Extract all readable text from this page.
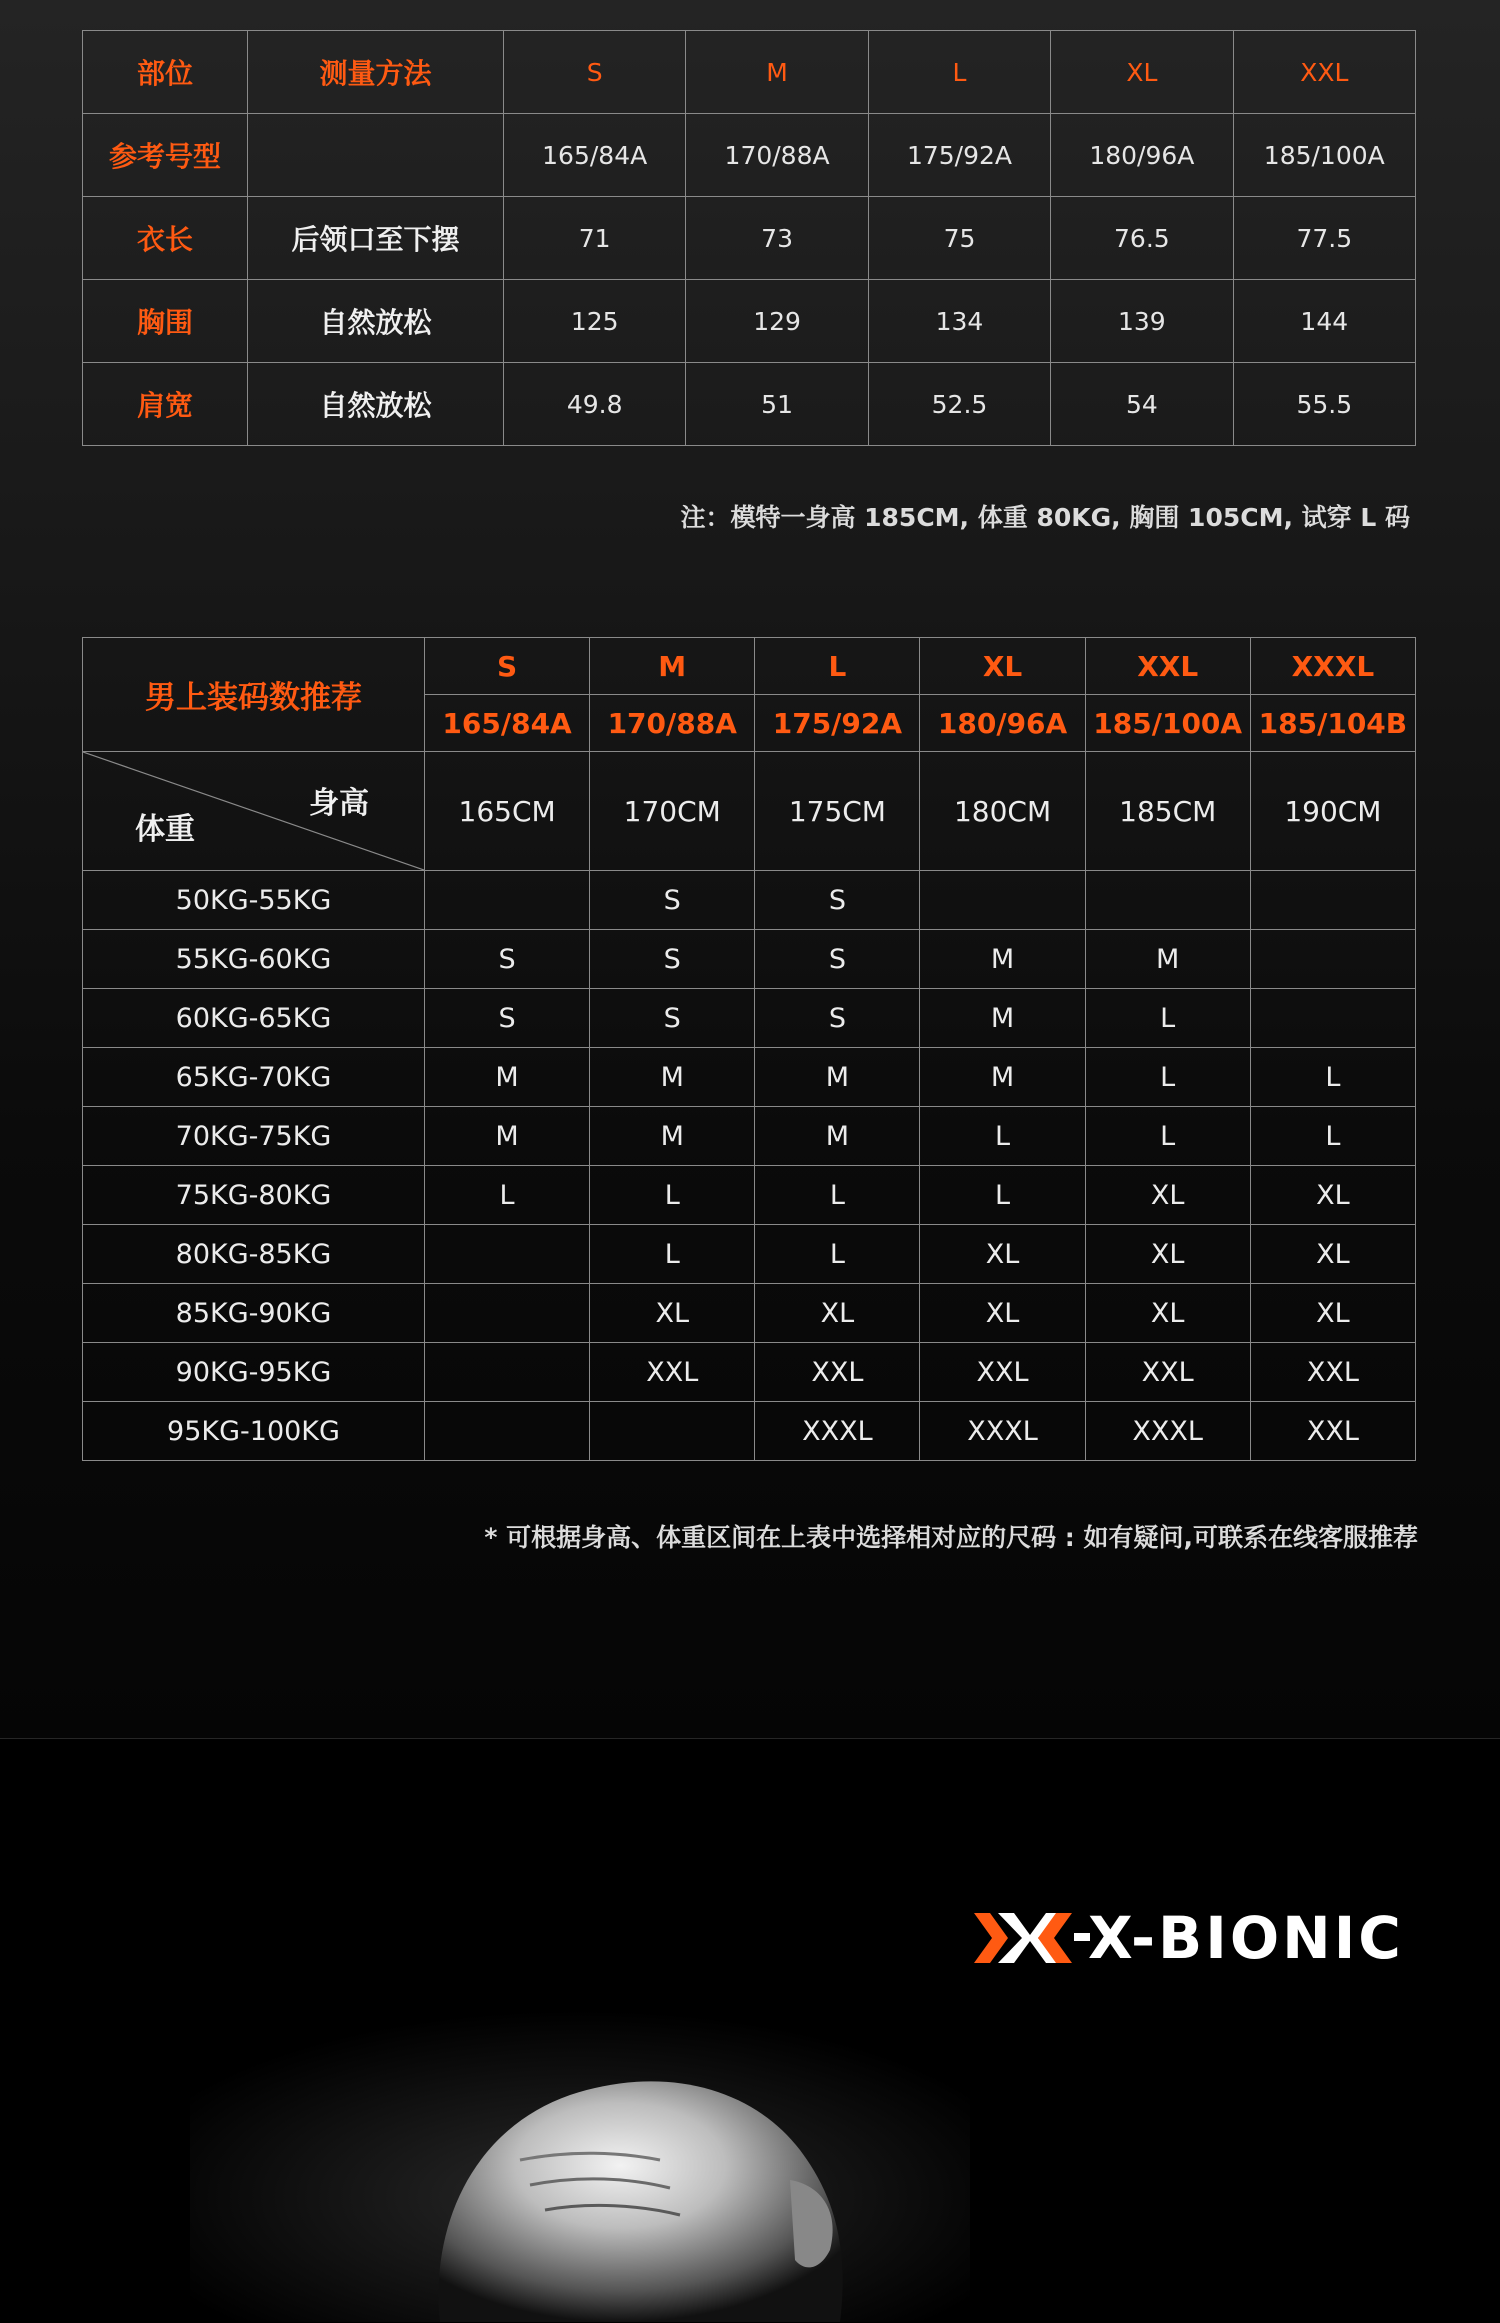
部位	测量方法	S	M	L	XL	XXL
参考号型		165/84A	170/88A	175/92A	180/96A	185/100A
衣长	后领口至下摆	71	73	75	76.5	77.5
胸围	自然放松	125	129	134	139	144
肩宽	自然放松	49.8	51	52.5	54	55.5
注：模特一身高 185CM, 体重 80KG, 胸围 105CM, 试穿 L 码
男上装码数推荐	S	M	L	XL	XXL	XXXL
	165/84A	170/88A	175/92A	180/96A	185/100A	185/104B

身高
体重	165CM	170CM	175CM	180CM	185CM	190CM
50KG-55KG		S	S			
55KG-60KG	S	S	S	M	M	
60KG-65KG	S	S	S	M	L	
65KG-70KG	M	M	M	M	L	L
70KG-75KG	M	M	M	L	L	L
75KG-80KG	L	L	L	L	XL	XL
80KG-85KG		L	L	XL	XL	XL
85KG-90KG		XL	XL	XL	XL	XL
90KG-95KG		XXL	XXL	XXL	XXL	XXL
95KG-100KG			XXXL	XXXL	XXXL	XXL
* 可根据身高、体重区间在上表中选择相对应的尺码 : 如有疑问,可联系在线客服推荐
X-BIONIC
